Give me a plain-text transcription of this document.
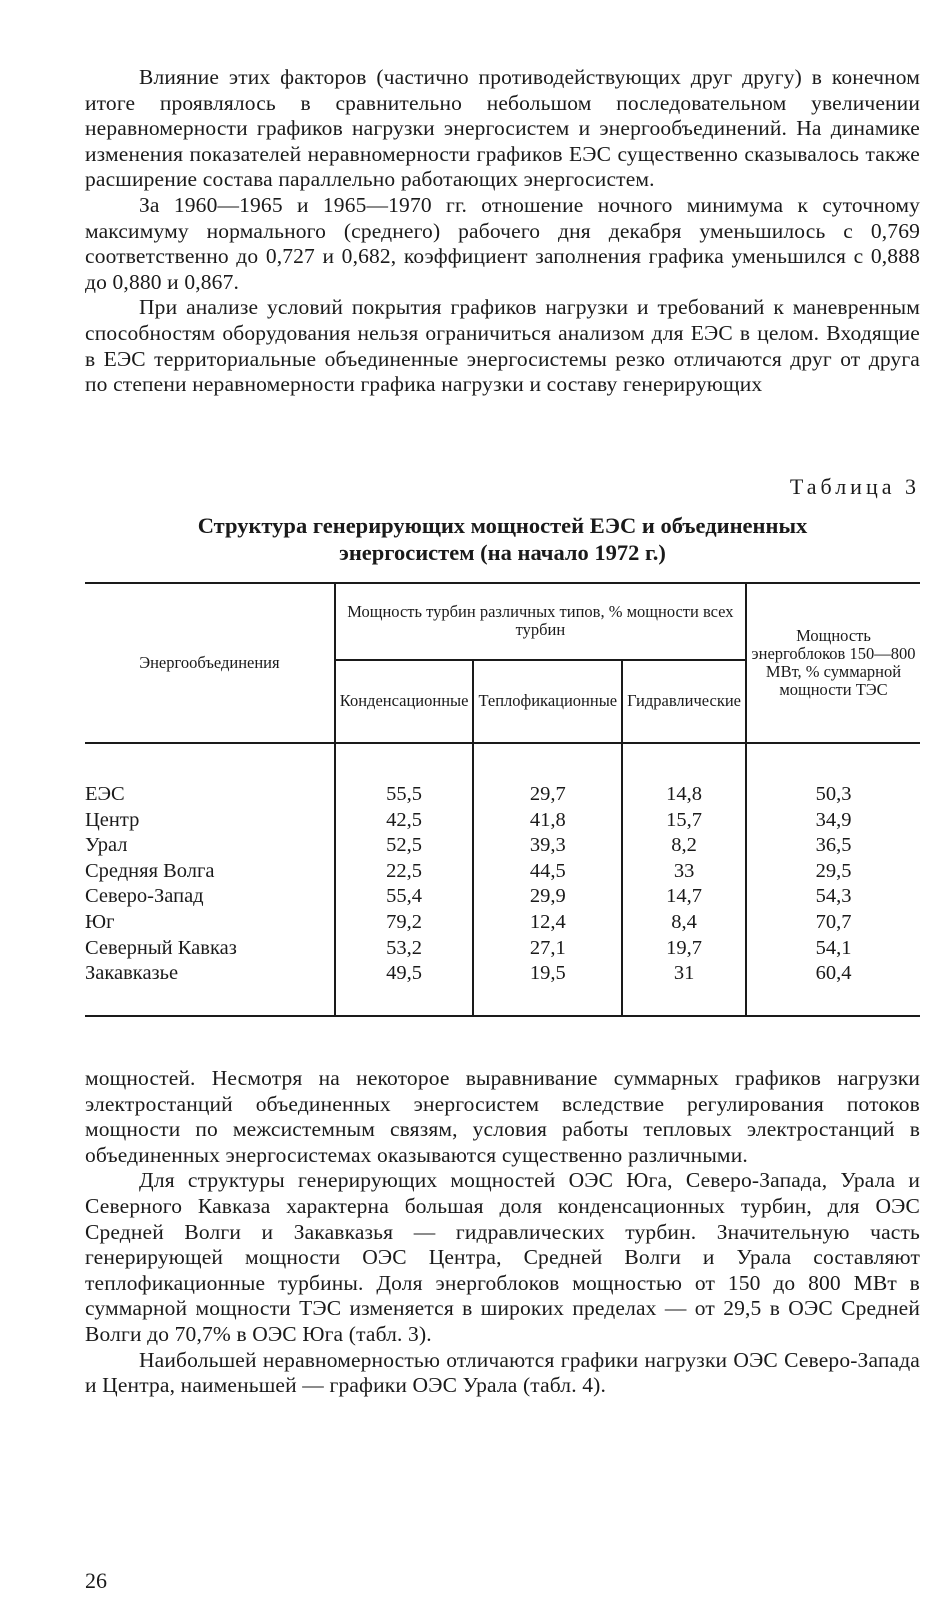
Влияние этих факторов (частично противодействующих друг другу) в конечном итоге проявлялось в сравнительно небольшом последовательном увеличении неравномерности графиков нагрузки энергосистем и энергообъединений. На динамике изменения показателей неравномерности графиков ЕЭС существенно сказывалось также расширение состава параллельно работающих энергосистем.

За 1960—1965 и 1965—1970 гг. отношение ночного минимума к суточному максимуму нормального (среднего) рабочего дня декабря уменьшилось с 0,769 соответственно до 0,727 и 0,682, коэффициент заполнения графика уменьшился с 0,888 до 0,880 и 0,867.

При анализе условий покрытия графиков нагрузки и требований к маневренным способностям оборудования нельзя ограничиться анализом для ЕЭС в целом. Входящие в ЕЭС территориальные объединенные энергосистемы резко отличаются друг от друга по степени неравномерности графика нагрузки и составу генерирующих

Таблица 3
Структура генерирующих мощностей ЕЭС и объединенных
энергосистем (на начало 1972 г.)
Энергообъединения	Мощность турбин различных типов, % мощности всех турбин			Мощность энергоблоков 150—800 МВт, % суммарной мощности ТЭС
	Конденсационные	Теплофикационные	Гидравлические	

ЕЭС	55,5	29,7	14,8	50,3
Центр	42,5	41,8	15,7	34,9
Урал	52,5	39,3	8,2	36,5
Средняя Волга	22,5	44,5	33	29,5
Северо-Запад	55,4	29,9	14,7	54,3
Юг	79,2	12,4	8,4	70,7
Северный Кавказ	53,2	27,1	19,7	54,1
Закавказье	49,5	19,5	31	60,4

мощностей. Несмотря на некоторое выравнивание суммарных графиков нагрузки электростанций объединенных энергосистем вследствие регулирования потоков мощности по межсистемным связям, условия работы тепловых электростанций в объединенных энергосистемах оказываются существенно различными.

Для структуры генерирующих мощностей ОЭС Юга, Северо-Запада, Урала и Северного Кавказа характерна большая доля конденсационных турбин, для ОЭС Средней Волги и Закавказья — гидравлических турбин. Значительную часть генерирующей мощности ОЭС Центра, Средней Волги и Урала составляют теплофикационные турбины. Доля энергоблоков мощностью от 150 до 800 МВт в суммарной мощности ТЭС изменяется в широких пределах — от 29,5 в ОЭС Средней Волги до 70,7% в ОЭС Юга (табл. 3).

Наибольшей неравномерностью отличаются графики нагрузки ОЭС Северо-Запада и Центра, наименьшей — графики ОЭС Урала (табл. 4).

26
